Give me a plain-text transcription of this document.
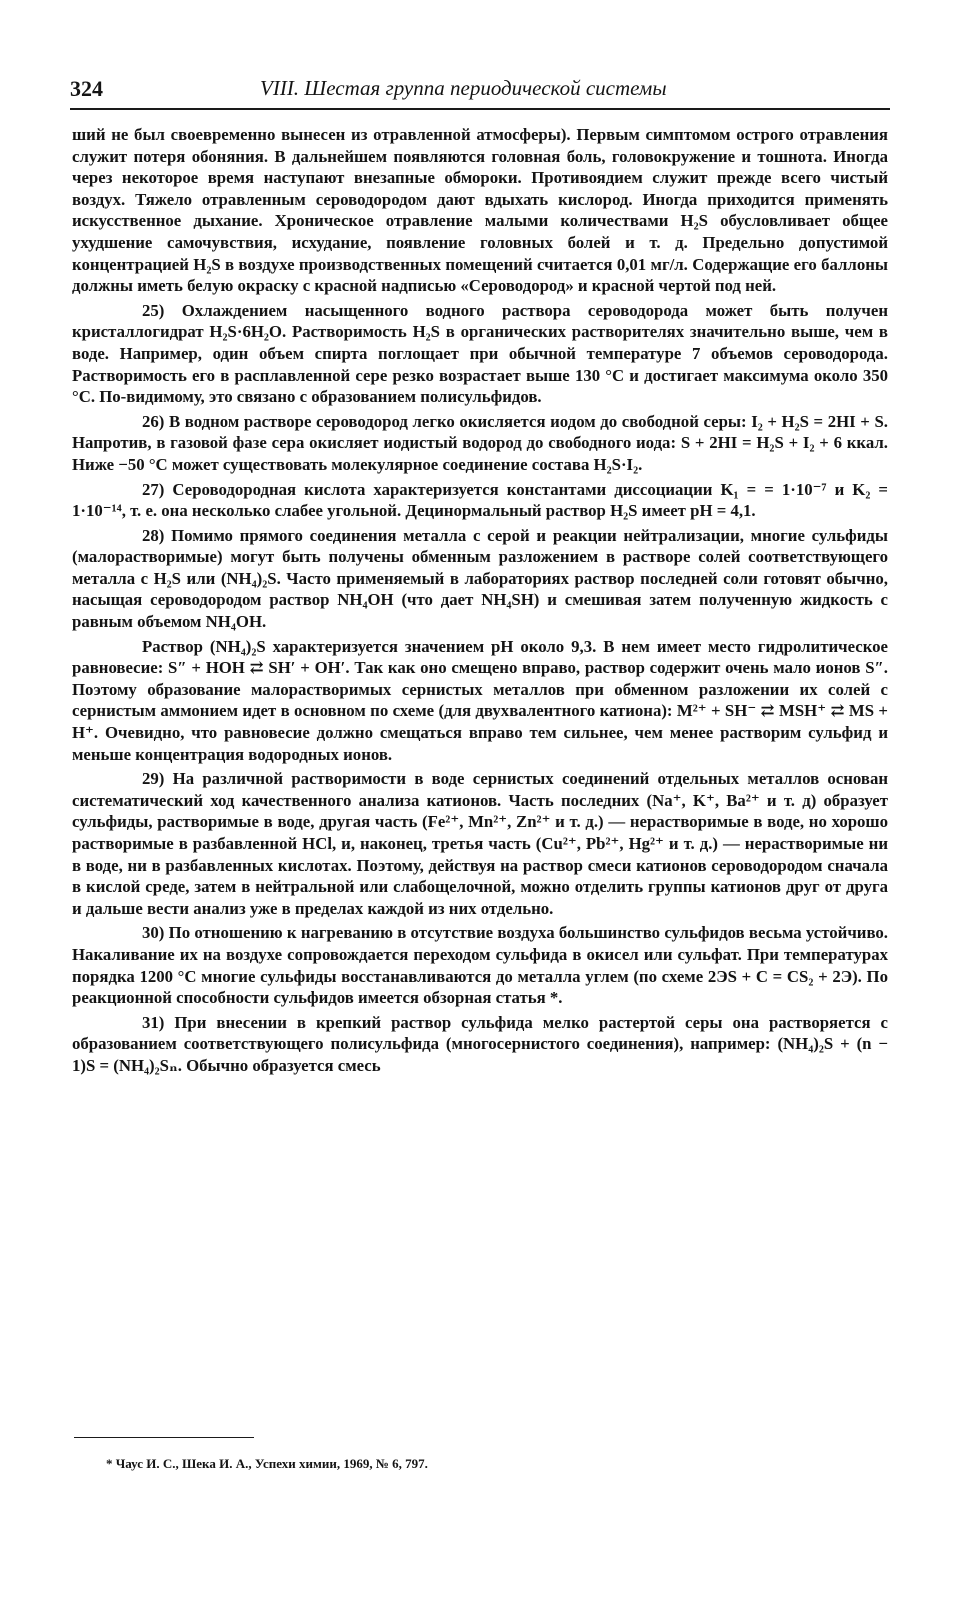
324	VIII. Шестая группа периодической системы

ший не был своевременно вынесен из отравленной атмосферы). Первым симптомом острого отравления служит потеря обоняния. В дальнейшем появляются головная боль, головокружение и тошнота. Иногда через некоторое время наступают внезапные обмороки. Противоядием служит прежде всего чистый воздух. Тяжело отравленным сероводородом дают вдыхать кислород. Иногда приходится применять искусственное дыхание. Хроническое отравление малыми количествами H₂S обусловливает общее ухудшение самочувствия, исхудание, появление головных болей и т. д. Предельно допустимой концентрацией H₂S в воздухе производственных помещений считается 0,01 мг/л. Содержащие его баллоны должны иметь белую окраску с красной надписью «Сероводород» и красной чертой под ней.

25) Охлаждением насыщенного водного раствора сероводорода может быть получен кристаллогидрат H₂S·6H₂O. Растворимость H₂S в органических растворителях значительно выше, чем в воде. Например, один объем спирта поглощает при обычной температуре 7 объемов сероводорода. Растворимость его в расплавленной сере резко возрастает выше 130 °C и достигает максимума около 350 °C. По-видимому, это связано с образованием полисульфидов.

26) В водном растворе сероводород легко окисляется иодом до свободной серы: I₂ + H₂S = 2HI + S. Напротив, в газовой фазе сера окисляет иодистый водород до свободного иода: S + 2HI = H₂S + I₂ + 6 ккал. Ниже −50 °C может существовать молекулярное соединение состава H₂S·I₂.

27) Сероводородная кислота характеризуется константами диссоциации K₁ = = 1·10⁻⁷ и K₂ = 1·10⁻¹⁴, т. е. она несколько слабее угольной. Децинормальный раствор H₂S имеет pH = 4,1.

28) Помимо прямого соединения металла с серой и реакции нейтрализации, многие сульфиды (малорастворимые) могут быть получены обменным разложением в растворе солей соответствующего металла с H₂S или (NH₄)₂S. Часто применяемый в лабораториях раствор последней соли готовят обычно, насыщая сероводородом раствор NH₄OH (что дает NH₄SH) и смешивая затем полученную жидкость с равным объемом NH₄OH.

Раствор (NH₄)₂S характеризуется значением pH около 9,3. В нем имеет место гидролитическое равновесие: S″ + HOH ⇄ SH′ + OH′. Так как оно смещено вправо, раствор содержит очень мало ионов S″. Поэтому образование малорастворимых сернистых металлов при обменном разложении их солей с сернистым аммонием идет в основном по схеме (для двухвалентного катиона): M²⁺ + SH⁻ ⇄ MSH⁺ ⇄ MS + H⁺. Очевидно, что равновесие должно смещаться вправо тем сильнее, чем менее растворим сульфид и меньше концентрация водородных ионов.

29) На различной растворимости в воде сернистых соединений отдельных металлов основан систематический ход качественного анализа катионов. Часть последних (Na⁺, K⁺, Ba²⁺ и т. д) образует сульфиды, растворимые в воде, другая часть (Fe²⁺, Mn²⁺, Zn²⁺ и т. д.) — нерастворимые в воде, но хорошо растворимые в разбавленной HCl, и, наконец, третья часть (Cu²⁺, Pb²⁺, Hg²⁺ и т. д.) — нерастворимые ни в воде, ни в разбавленных кислотах. Поэтому, действуя на раствор смеси катионов сероводородом сначала в кислой среде, затем в нейтральной или слабощелочной, можно отделить группы катионов друг от друга и дальше вести анализ уже в пределах каждой из них отдельно.

30) По отношению к нагреванию в отсутствие воздуха большинство сульфидов весьма устойчиво. Накаливание их на воздухе сопровождается переходом сульфида в окисел или сульфат. При температурах порядка 1200 °C многие сульфиды восстанавливаются до металла углем (по схеме 2ЭS + C = CS₂ + 2Э). По реакционной способности сульфидов имеется обзорная статья *.

31) При внесении в крепкий раствор сульфида мелко растертой серы она растворяется с образованием соответствующего полисульфида (многосернистого соединения), например: (NH₄)₂S + (n − 1)S = (NH₄)₂Sₙ. Обычно образуется смесь

* Чаус И. С., Шека И. А., Успехи химии, 1969, № 6, 797.
